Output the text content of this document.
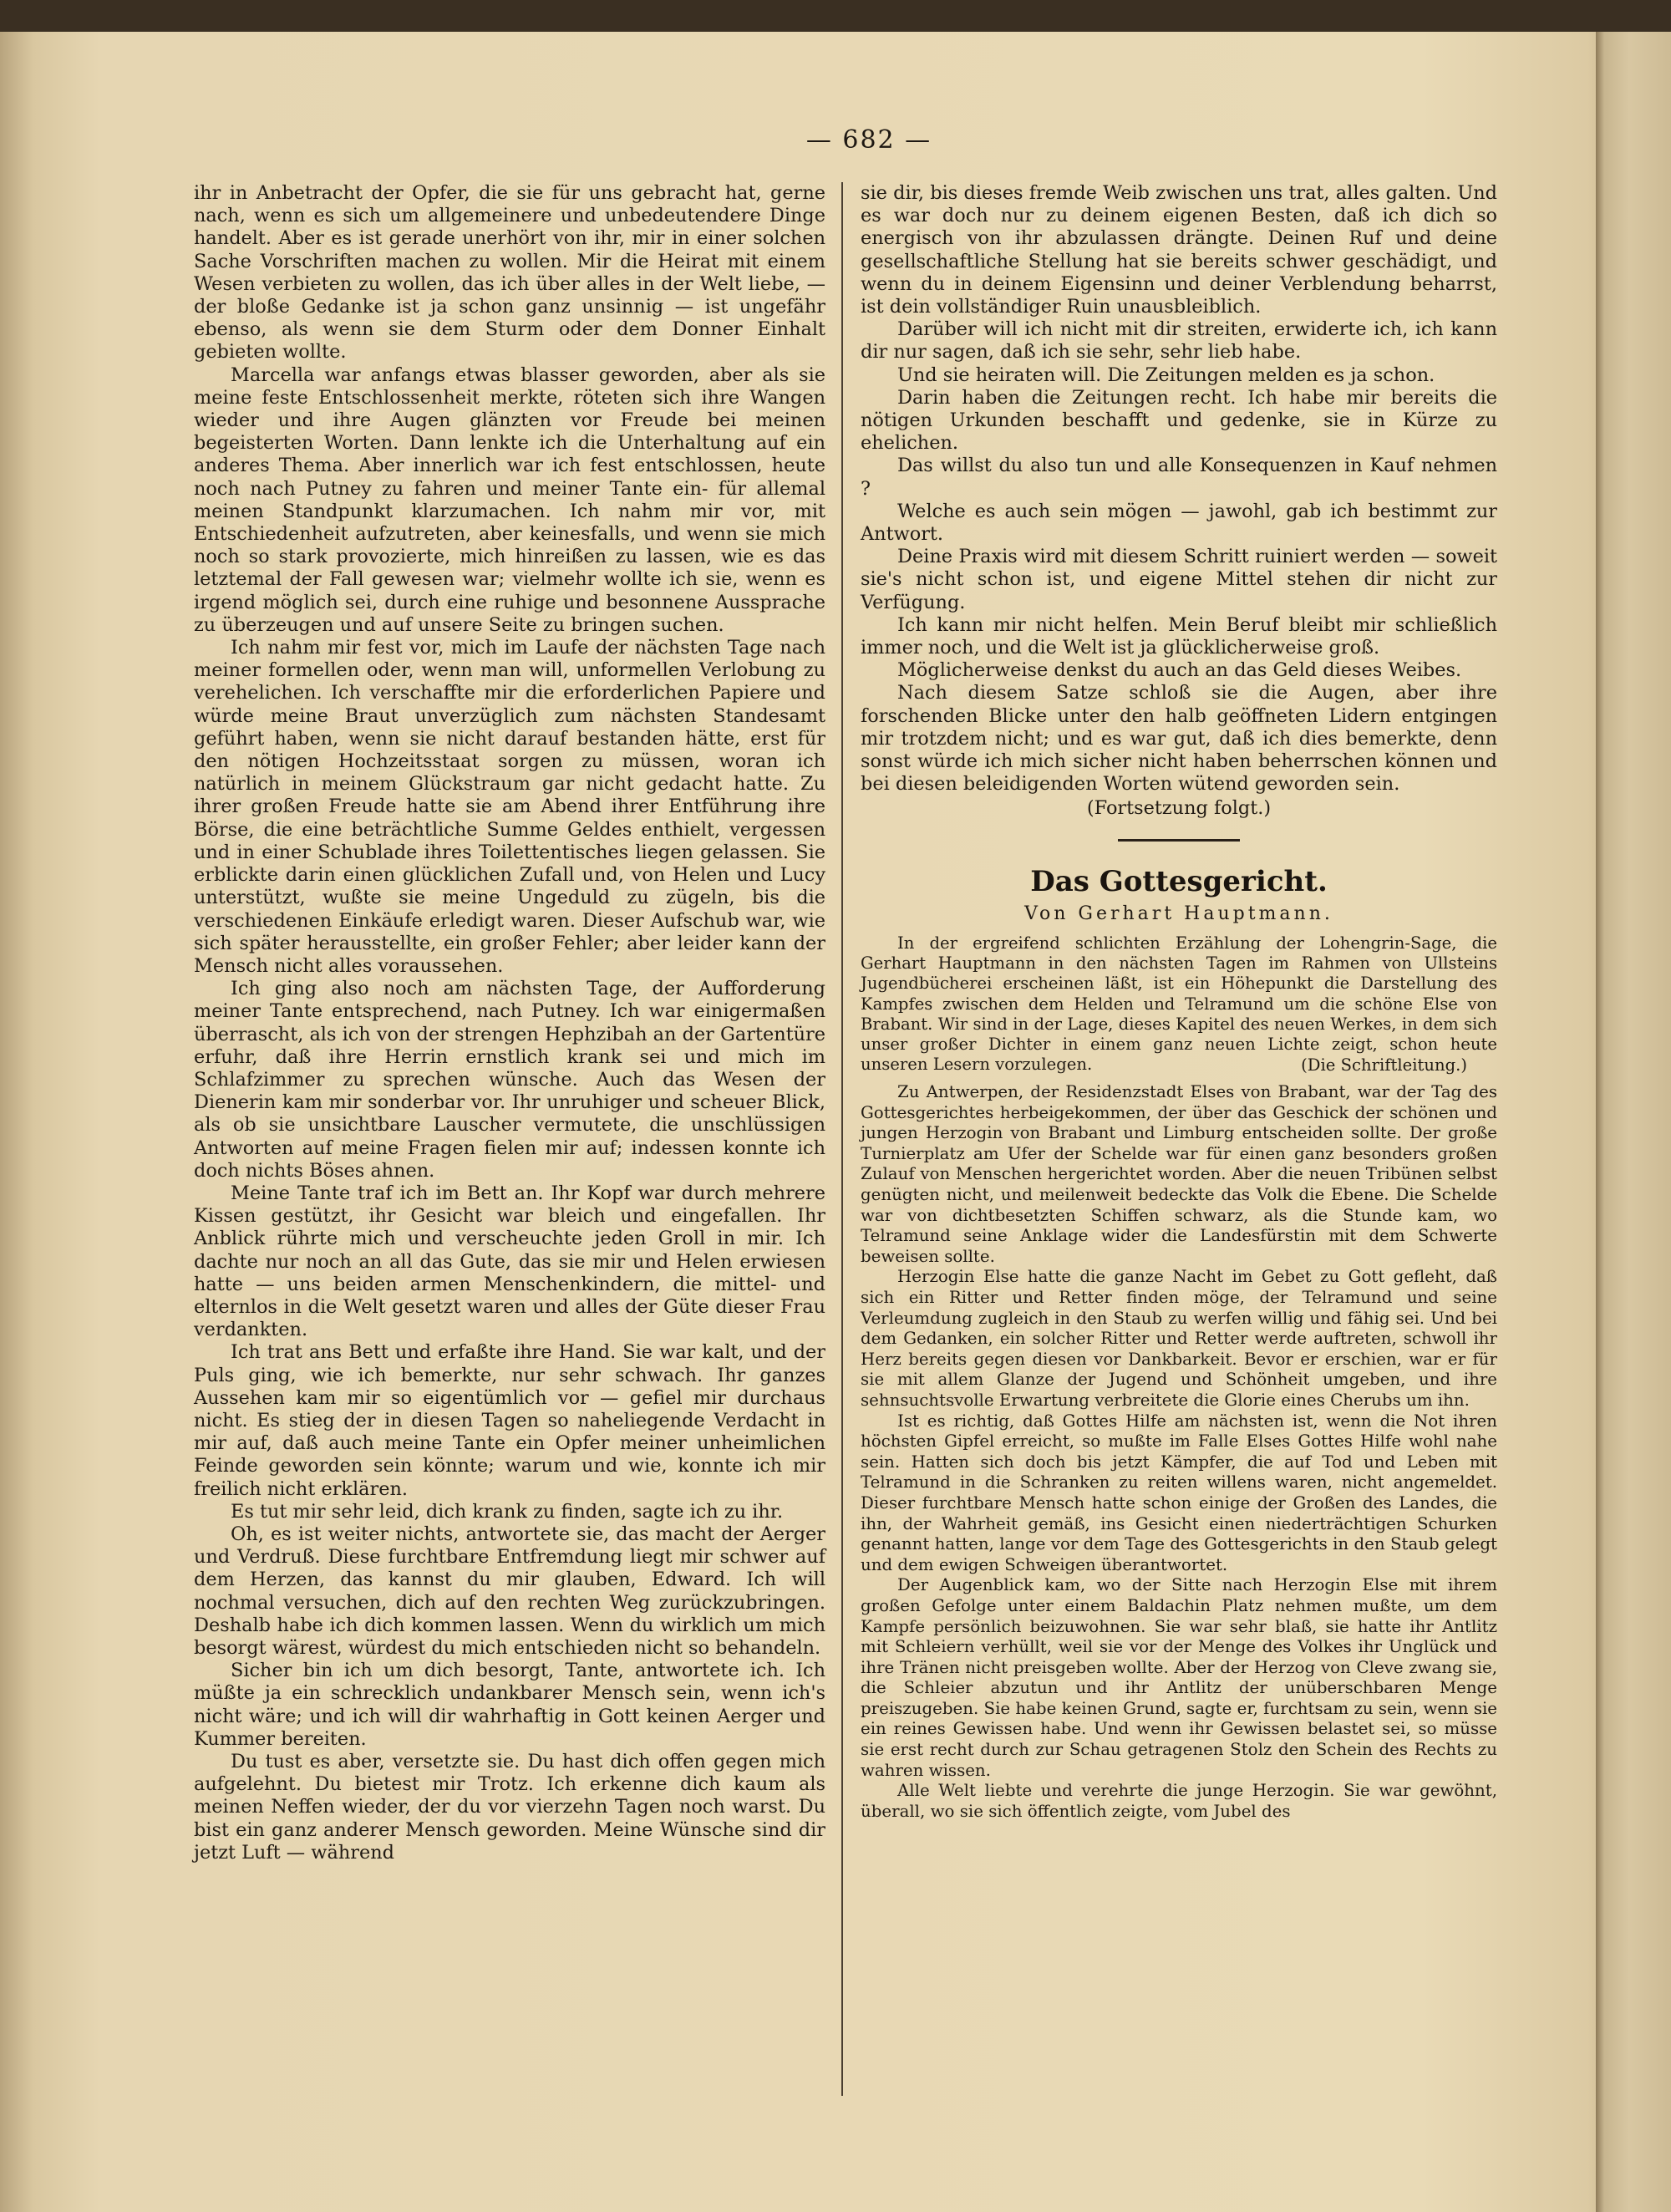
— 682 —

ihr in Anbetracht der Opfer, die sie für uns gebracht hat, gerne nach, wenn es sich um allgemeinere und unbedeutendere Dinge handelt. Aber es ist gerade unerhört von ihr, mir in einer solchen Sache Vorschriften machen zu wollen. Mir die Heirat mit einem Wesen verbieten zu wollen, das ich über alles in der Welt liebe, — der bloße Gedanke ist ja schon ganz unsinnig — ist ungefähr ebenso, als wenn sie dem Sturm oder dem Donner Einhalt gebieten wollte.

Marcella war anfangs etwas blasser geworden, aber als sie meine feste Entschlossenheit merkte, röteten sich ihre Wangen wieder und ihre Augen glänzten vor Freude bei meinen begeisterten Worten. Dann lenkte ich die Unterhaltung auf ein anderes Thema. Aber innerlich war ich fest entschlossen, heute noch nach Putney zu fahren und meiner Tante ein- für allemal meinen Standpunkt klarzumachen. Ich nahm mir vor, mit Entschiedenheit aufzutreten, aber keinesfalls, und wenn sie mich noch so stark provozierte, mich hinreißen zu lassen, wie es das letztemal der Fall gewesen war; vielmehr wollte ich sie, wenn es irgend möglich sei, durch eine ruhige und besonnene Aussprache zu überzeugen und auf unsere Seite zu bringen suchen.

Ich nahm mir fest vor, mich im Laufe der nächsten Tage nach meiner formellen oder, wenn man will, unformellen Verlobung zu verehelichen. Ich verschaffte mir die erforderlichen Papiere und würde meine Braut unverzüglich zum nächsten Standesamt geführt haben, wenn sie nicht darauf bestanden hätte, erst für den nötigen Hochzeitsstaat sorgen zu müssen, woran ich natürlich in meinem Glückstraum gar nicht gedacht hatte. Zu ihrer großen Freude hatte sie am Abend ihrer Entführung ihre Börse, die eine beträchtliche Summe Geldes enthielt, vergessen und in einer Schublade ihres Toilettentisches liegen gelassen. Sie erblickte darin einen glücklichen Zufall und, von Helen und Lucy unterstützt, wußte sie meine Ungeduld zu zügeln, bis die verschiedenen Einkäufe erledigt waren. Dieser Aufschub war, wie sich später herausstellte, ein großer Fehler; aber leider kann der Mensch nicht alles voraussehen.

Ich ging also noch am nächsten Tage, der Aufforderung meiner Tante entsprechend, nach Putney. Ich war einigermaßen überrascht, als ich von der strengen Hephzibah an der Gartentüre erfuhr, daß ihre Herrin ernstlich krank sei und mich im Schlafzimmer zu sprechen wünsche. Auch das Wesen der Dienerin kam mir sonderbar vor. Ihr unruhiger und scheuer Blick, als ob sie unsichtbare Lauscher vermutete, die unschlüssigen Antworten auf meine Fragen fielen mir auf; indessen konnte ich doch nichts Böses ahnen.

Meine Tante traf ich im Bett an. Ihr Kopf war durch mehrere Kissen gestützt, ihr Gesicht war bleich und eingefallen. Ihr Anblick rührte mich und verscheuchte jeden Groll in mir. Ich dachte nur noch an all das Gute, das sie mir und Helen erwiesen hatte — uns beiden armen Menschenkindern, die mittel- und elternlos in die Welt gesetzt waren und alles der Güte dieser Frau verdankten.

Ich trat ans Bett und erfaßte ihre Hand. Sie war kalt, und der Puls ging, wie ich bemerkte, nur sehr schwach. Ihr ganzes Aussehen kam mir so eigentümlich vor — gefiel mir durchaus nicht. Es stieg der in diesen Tagen so naheliegende Verdacht in mir auf, daß auch meine Tante ein Opfer meiner unheimlichen Feinde geworden sein könnte; warum und wie, konnte ich mir freilich nicht erklären.

Es tut mir sehr leid, dich krank zu finden, sagte ich zu ihr.

Oh, es ist weiter nichts, antwortete sie, das macht der Aerger und Verdruß. Diese furchtbare Entfremdung liegt mir schwer auf dem Herzen, das kannst du mir glauben, Edward. Ich will nochmal versuchen, dich auf den rechten Weg zurückzubringen. Deshalb habe ich dich kommen lassen. Wenn du wirklich um mich besorgt wärest, würdest du mich entschieden nicht so behandeln.

Sicher bin ich um dich besorgt, Tante, antwortete ich. Ich müßte ja ein schrecklich undankbarer Mensch sein, wenn ich's nicht wäre; und ich will dir wahrhaftig in Gott keinen Aerger und Kummer bereiten.

Du tust es aber, versetzte sie. Du hast dich offen gegen mich aufgelehnt. Du bietest mir Trotz. Ich erkenne dich kaum als meinen Neffen wieder, der du vor vierzehn Tagen noch warst. Du bist ein ganz anderer Mensch geworden. Meine Wünsche sind dir jetzt Luft — während

sie dir, bis dieses fremde Weib zwischen uns trat, alles galten. Und es war doch nur zu deinem eigenen Besten, daß ich dich so energisch von ihr abzulassen drängte. Deinen Ruf und deine gesellschaftliche Stellung hat sie bereits schwer geschädigt, und wenn du in deinem Eigensinn und deiner Verblendung beharrst, ist dein vollständiger Ruin unausbleiblich.

Darüber will ich nicht mit dir streiten, erwiderte ich, ich kann dir nur sagen, daß ich sie sehr, sehr lieb habe.

Und sie heiraten will. Die Zeitungen melden es ja schon.

Darin haben die Zeitungen recht. Ich habe mir bereits die nötigen Urkunden beschafft und gedenke, sie in Kürze zu ehelichen.

Das willst du also tun und alle Konsequenzen in Kauf nehmen ?

Welche es auch sein mögen — jawohl, gab ich bestimmt zur Antwort.

Deine Praxis wird mit diesem Schritt ruiniert werden — soweit sie's nicht schon ist, und eigene Mittel stehen dir nicht zur Verfügung.

Ich kann mir nicht helfen. Mein Beruf bleibt mir schließlich immer noch, und die Welt ist ja glücklicherweise groß.

Möglicherweise denkst du auch an das Geld dieses Weibes.

Nach diesem Satze schloß sie die Augen, aber ihre forschenden Blicke unter den halb geöffneten Lidern entgingen mir trotzdem nicht; und es war gut, daß ich dies bemerkte, denn sonst würde ich mich sicher nicht haben beherrschen können und bei diesen beleidigenden Worten wütend geworden sein.

(Fortsetzung folgt.)

Das Gottesgericht.
Von Gerhart Hauptmann.

In der ergreifend schlichten Erzählung der Lohengrin-Sage, die Gerhart Hauptmann in den nächsten Tagen im Rahmen von Ullsteins Jugendbücherei erscheinen läßt, ist ein Höhepunkt die Darstellung des Kampfes zwischen dem Helden und Telramund um die schöne Else von Brabant. Wir sind in der Lage, dieses Kapitel des neuen Werkes, in dem sich unser großer Dichter in einem ganz neuen Lichte zeigt, schon heute unseren Lesern vorzulegen.	(Die Schriftleitung.)

Zu Antwerpen, der Residenzstadt Elses von Brabant, war der Tag des Gottesgerichtes herbeigekommen, der über das Geschick der schönen und jungen Herzogin von Brabant und Limburg entscheiden sollte. Der große Turnierplatz am Ufer der Schelde war für einen ganz besonders großen Zulauf von Menschen hergerichtet worden. Aber die neuen Tribünen selbst genügten nicht, und meilenweit bedeckte das Volk die Ebene. Die Schelde war von dichtbesetzten Schiffen schwarz, als die Stunde kam, wo Telramund seine Anklage wider die Landesfürstin mit dem Schwerte beweisen sollte.

Herzogin Else hatte die ganze Nacht im Gebet zu Gott gefleht, daß sich ein Ritter und Retter finden möge, der Telramund und seine Verleumdung zugleich in den Staub zu werfen willig und fähig sei. Und bei dem Gedanken, ein solcher Ritter und Retter werde auftreten, schwoll ihr Herz bereits gegen diesen vor Dankbarkeit. Bevor er erschien, war er für sie mit allem Glanze der Jugend und Schönheit umgeben, und ihre sehnsuchtsvolle Erwartung verbreitete die Glorie eines Cherubs um ihn.

Ist es richtig, daß Gottes Hilfe am nächsten ist, wenn die Not ihren höchsten Gipfel erreicht, so mußte im Falle Elses Gottes Hilfe wohl nahe sein. Hatten sich doch bis jetzt Kämpfer, die auf Tod und Leben mit Telramund in die Schranken zu reiten willens waren, nicht angemeldet. Dieser furchtbare Mensch hatte schon einige der Großen des Landes, die ihn, der Wahrheit gemäß, ins Gesicht einen niederträchtigen Schurken genannt hatten, lange vor dem Tage des Gottesgerichts in den Staub gelegt und dem ewigen Schweigen überantwortet.

Der Augenblick kam, wo der Sitte nach Herzogin Else mit ihrem großen Gefolge unter einem Baldachin Platz nehmen mußte, um dem Kampfe persönlich beizuwohnen. Sie war sehr blaß, sie hatte ihr Antlitz mit Schleiern verhüllt, weil sie vor der Menge des Volkes ihr Unglück und ihre Tränen nicht preisgeben wollte. Aber der Herzog von Cleve zwang sie, die Schleier abzutun und ihr Antlitz der unüberschbaren Menge preiszugeben. Sie habe keinen Grund, sagte er, furchtsam zu sein, wenn sie ein reines Gewissen habe. Und wenn ihr Gewissen belastet sei, so müsse sie erst recht durch zur Schau getragenen Stolz den Schein des Rechts zu wahren wissen.

Alle Welt liebte und verehrte die junge Herzogin. Sie war gewöhnt, überall, wo sie sich öffentlich zeigte, vom Jubel des
